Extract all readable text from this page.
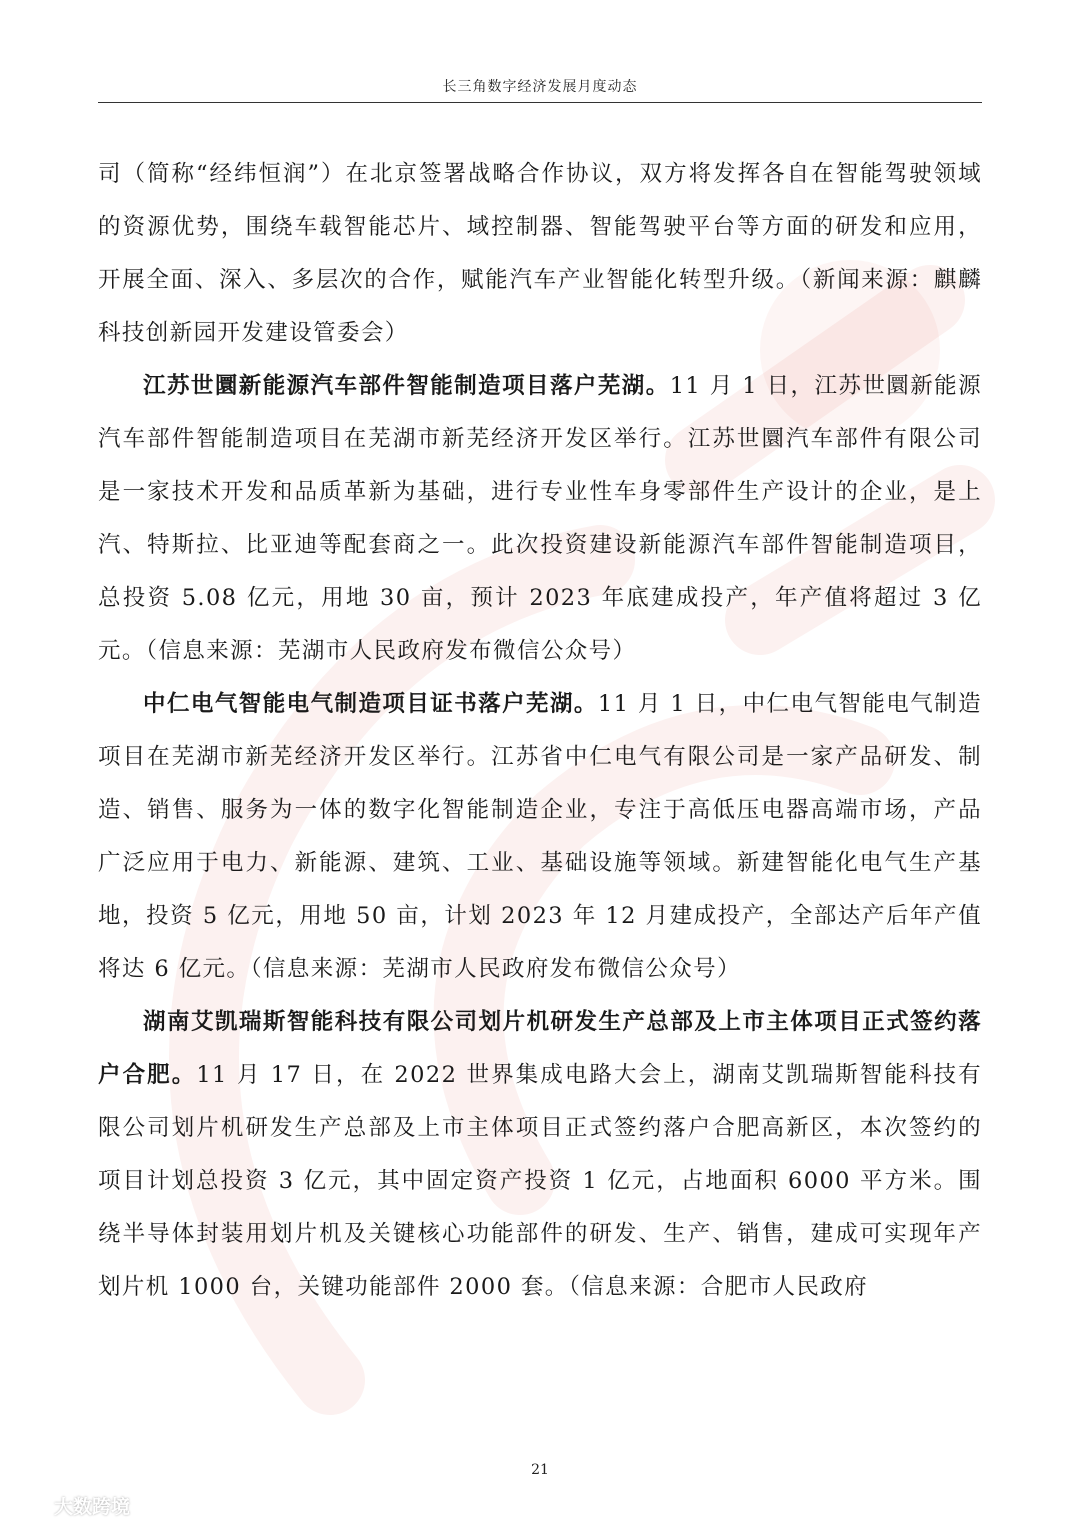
长三角数字经济发展月度动态

司（简称“经纬恒润”）在北京签署战略合作协议，双方将发挥各自在智能驾驶领域的资源优势，围绕车载智能芯片、域控制器、智能驾驶平台等方面的研发和应用，开展全面、深入、多层次的合作，赋能汽车产业智能化转型升级。（新闻来源：麒麟科技创新园开发建设管委会）

江苏世圜新能源汽车部件智能制造项目落户芜湖。11 月 1 日，江苏世圜新能源汽车部件智能制造项目在芜湖市新芜经济开发区举行。江苏世圜汽车部件有限公司是一家技术开发和品质革新为基础，进行专业性车身零部件生产设计的企业，是上汽、特斯拉、比亚迪等配套商之一。此次投资建设新能源汽车部件智能制造项目，总投资 5.08 亿元，用地 30 亩，预计 2023 年底建成投产，年产值将超过 3 亿元。（信息来源：芜湖市人民政府发布微信公众号）

中仁电气智能电气制造项目证书落户芜湖。11 月 1 日，中仁电气智能电气制造项目在芜湖市新芜经济开发区举行。江苏省中仁电气有限公司是一家产品研发、制造、销售、服务为一体的数字化智能制造企业，专注于高低压电器高端市场，产品广泛应用于电力、新能源、建筑、工业、基础设施等领域。新建智能化电气生产基地，投资 5 亿元，用地 50 亩，计划 2023 年 12 月建成投产，全部达产后年产值将达 6 亿元。（信息来源：芜湖市人民政府发布微信公众号）

湖南艾凯瑞斯智能科技有限公司划片机研发生产总部及上市主体项目正式签约落户合肥。11 月 17 日，在 2022 世界集成电路大会上，湖南艾凯瑞斯智能科技有限公司划片机研发生产总部及上市主体项目正式签约落户合肥高新区，本次签约的项目计划总投资 3 亿元，其中固定资产投资 1 亿元，占地面积 6000 平方米。围绕半导体封装用划片机及关键核心功能部件的研发、生产、销售，建成可实现年产划片机 1000 台，关键功能部件 2000 套。（信息来源：合肥市人民政府

21
大数跨境
